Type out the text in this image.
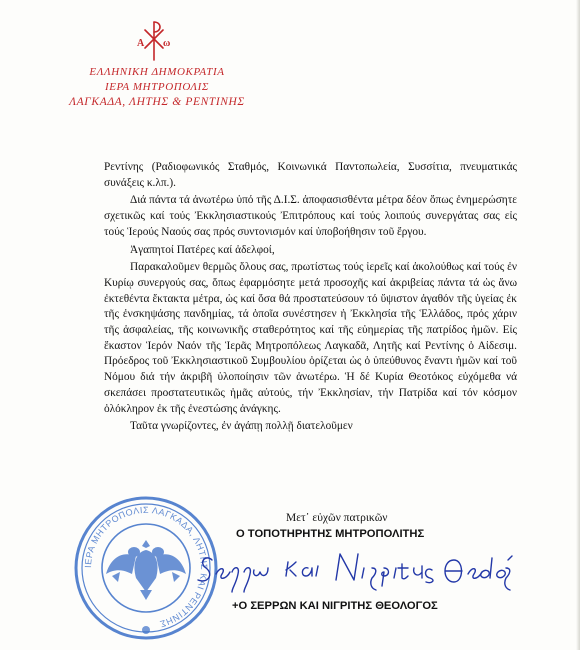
A ω
ΕΛΛΗΝΙΚΗ ΔΗΜΟΚΡΑΤΙΑ
ΙΕΡΑ ΜΗΤΡΟΠΟΛΙΣ
ΛΑΓΚΑΔΑ, ΛΗΤΗΣ & ΡΕΝΤΙΝΗΣ

Ρεντίνης (Ραδιοφωνικός Σταθμός, Κοινωνικά Παντοπωλεία, Συσσίτια, πνευματικάς συνάξεις κ.λπ.).

Διά πάντα τά ἀνωτέρω ὑπό τῆς Δ.Ι.Σ. ἀποφασισθέντα μέτρα δέον ὅπως ἐνημερώσητε σχετικῶς καί τούς Ἐκκλησιαστικούς Ἐπιτρόπους καί τούς λοιπούς συνεργάτας σας εἰς τούς Ἱερούς Ναούς σας πρός συντονισμόν καί ὑποβοήθησιν τοῦ ἔργου.

Ἀγαπητοί Πατέρες καί ἀδελφοί,

Παρακαλοῦμεν θερμῶς ὅλους σας, πρωτίστως τούς ἱερεῖς καί ἀκολούθως καί τούς ἐν Κυρίῳ συνεργούς σας, ὅπως ἐφαρμόσητε μετά προσοχῆς καί ἀκριβείας πάντα τά ὡς ἄνω ἐκτεθέντα ἔκτακτα μέτρα, ὡς καί ὅσα θά προστατεύσουν τό ὕψιστον ἀγαθόν τῆς ὑγείας ἐκ τῆς ἐνσκηψάσης πανδημίας, τά ὁποῖα συνέστησεν ἡ Ἐκκλησία τῆς Ἑλλάδος, πρός χάριν τῆς ἀσφαλείας, τῆς κοινωνικῆς σταθερότητος καί τῆς εὐημερίας τῆς πατρίδος ἡμῶν. Εἰς ἕκαστον Ἱερόν Ναόν τῆς Ἱερᾶς Μητροπόλεως Λαγκαδᾶ, Λητῆς καί Ρεντίνης ὁ Αἰδεσιμ. Πρόεδρος τοῦ Ἐκκλησιαστικοῦ Συμβουλίου ὁρίζεται ὡς ὁ ὑπεύθυνος ἔναντι ἡμῶν καί τοῦ Νόμου διά τήν ἀκριβῆ ὑλοποίησιν τῶν ἀνωτέρω. Ἡ δέ Κυρία Θεοτόκος εὐχόμεθα νά σκεπάσει προστατευτικῶς ἡμᾶς αὐτούς, τήν Ἐκκλησίαν, τήν Πατρίδα καί τόν κόσμον ὁλόκληρον ἐκ τῆς ἐνεστώσης ἀνάγκης.

Ταῦτα γνωρίζοντες, ἐν ἀγάπῃ πολλῇ διατελοῦμεν

Μετ᾿ εὐχῶν πατρικῶν
Ο ΤΟΠΟΤΗΡΗΤΗΣ ΜΗΤΡΟΠΟΛΙΤΗΣ
ΙΕΡΑ ΜΗΤΡΟΠΟΛΙΣ ΛΑΓΚΑΔΑ, ΛΗΤΗΣ ΚΑΙ ΡΕΝΤΙΝΗΣ
+Ο ΣΕΡΡΩΝ ΚΑΙ ΝΙΓΡΙΤΗΣ ΘΕΟΛΟΓΟΣ
